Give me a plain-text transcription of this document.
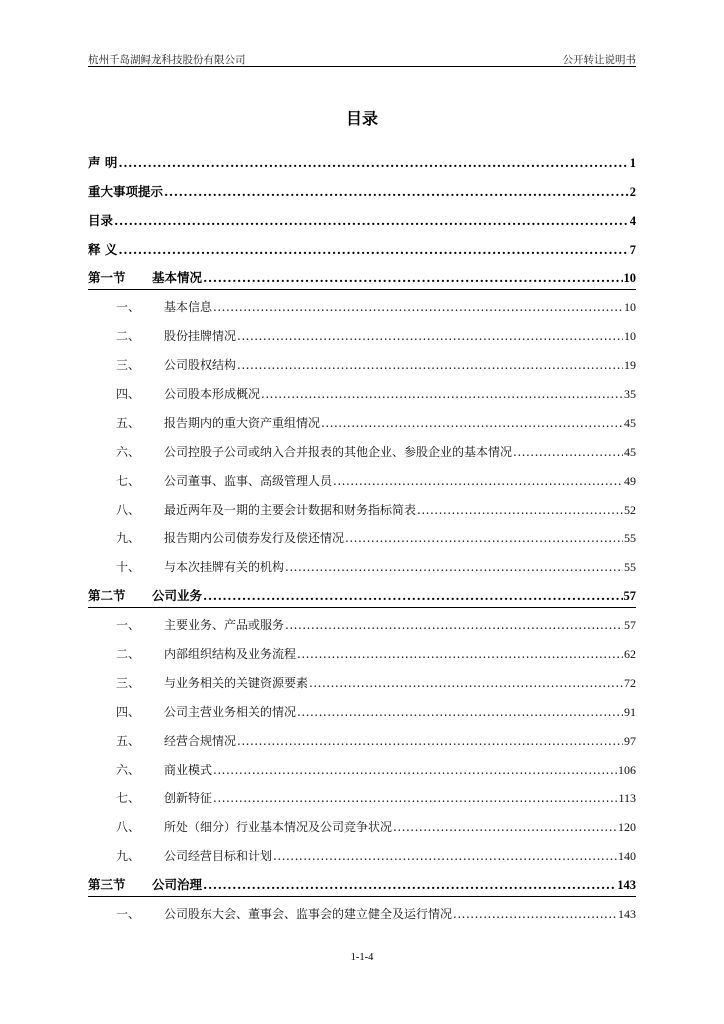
杭州千岛湖鲟龙科技股份有限公司	公开转让说明书
目录
声 明 .....	1
重大事项提示 .....	2
目录 .....	4
释 义 .....	7
第一节	基本情况 .....	10
一、	基本信息 .....	10
二、	股份挂牌情况 .....	10
三、	公司股权结构 .....	19
四、	公司股本形成概况 .....	35
五、	报告期内的重大资产重组情况 .....	45
六、	公司控股子公司或纳入合并报表的其他企业、参股企业的基本情况 .....	45
七、	公司董事、监事、高级管理人员 .....	49
八、	最近两年及一期的主要会计数据和财务指标简表 .....	52
九、	报告期内公司债券发行及偿还情况 .....	55
十、	与本次挂牌有关的机构 .....	55
第二节	公司业务 .....	57
一、	主要业务、产品或服务 .....	57
二、	内部组织结构及业务流程 .....	62
三、	与业务相关的关键资源要素 .....	72
四、	公司主营业务相关的情况 .....	91
五、	经营合规情况 .....	97
六、	商业模式 .....	106
七、	创新特征 .....	113
八、	所处（细分）行业基本情况及公司竞争状况 .....	120
九、	公司经营目标和计划 .....	140
第三节	公司治理 .....	143
一、	公司股东大会、董事会、监事会的建立健全及运行情况 .....	143
1-1-4
